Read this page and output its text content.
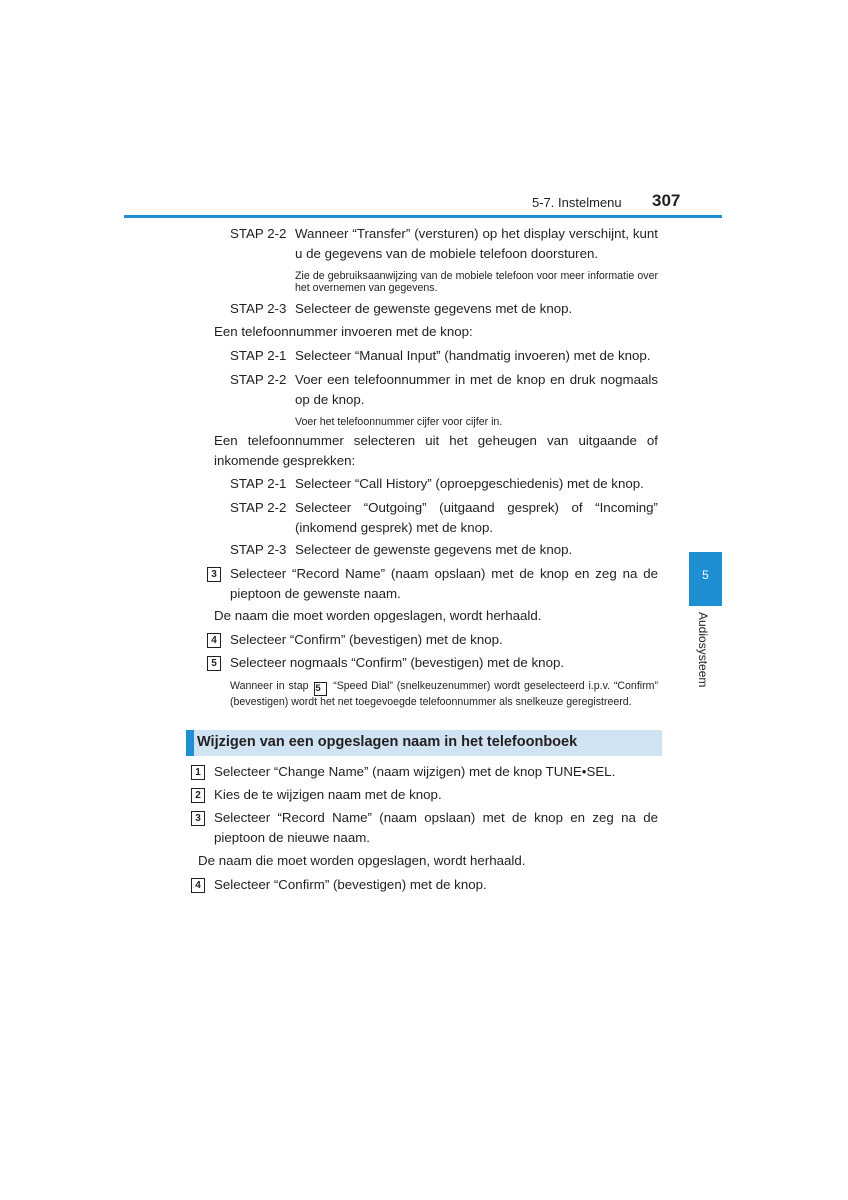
5-7. Instelmenu 307
5
Audiosysteem
STAP 2-2 Wanneer “Transfer” (versturen) op het display verschijnt, kunt u de gegevens van de mobiele telefoon doorsturen.
Zie de gebruiksaanwijzing van de mobiele telefoon voor meer informatie over het overnemen van gegevens.
STAP 2-3 Selecteer de gewenste gegevens met de knop.
Een telefoonnummer invoeren met de knop:
STAP 2-1 Selecteer “Manual Input” (handmatig invoeren) met de knop.
STAP 2-2 Voer een telefoonnummer in met de knop en druk nogmaals op de knop.
Voer het telefoonnummer cijfer voor cijfer in.
Een telefoonnummer selecteren uit het geheugen van uitgaande of inkomende gesprekken:
STAP 2-1 Selecteer “Call History” (oproepgeschiedenis) met de knop.
STAP 2-2 Selecteer “Outgoing” (uitgaand gesprek) of “Incoming” (inkomend gesprek) met de knop.
STAP 2-3 Selecteer de gewenste gegevens met de knop.
3 Selecteer “Record Name” (naam opslaan) met de knop en zeg na de pieptoon de gewenste naam.
De naam die moet worden opgeslagen, wordt herhaald.
4 Selecteer “Confirm” (bevestigen) met de knop.
5 Selecteer nogmaals “Confirm” (bevestigen) met de knop.
Wanneer in stap 5 “Speed Dial” (snelkeuzenummer) wordt geselecteerd i.p.v. “Confirm” (bevestigen) wordt het net toegevoegde telefoonnummer als snelkeuze geregistreerd.
Wijzigen van een opgeslagen naam in het telefoonboek
1 Selecteer “Change Name” (naam wijzigen) met de knop TUNE•SEL.
2 Kies de te wijzigen naam met de knop.
3 Selecteer “Record Name” (naam opslaan) met de knop en zeg na de pieptoon de nieuwe naam.
De naam die moet worden opgeslagen, wordt herhaald.
4 Selecteer “Confirm” (bevestigen) met de knop.
